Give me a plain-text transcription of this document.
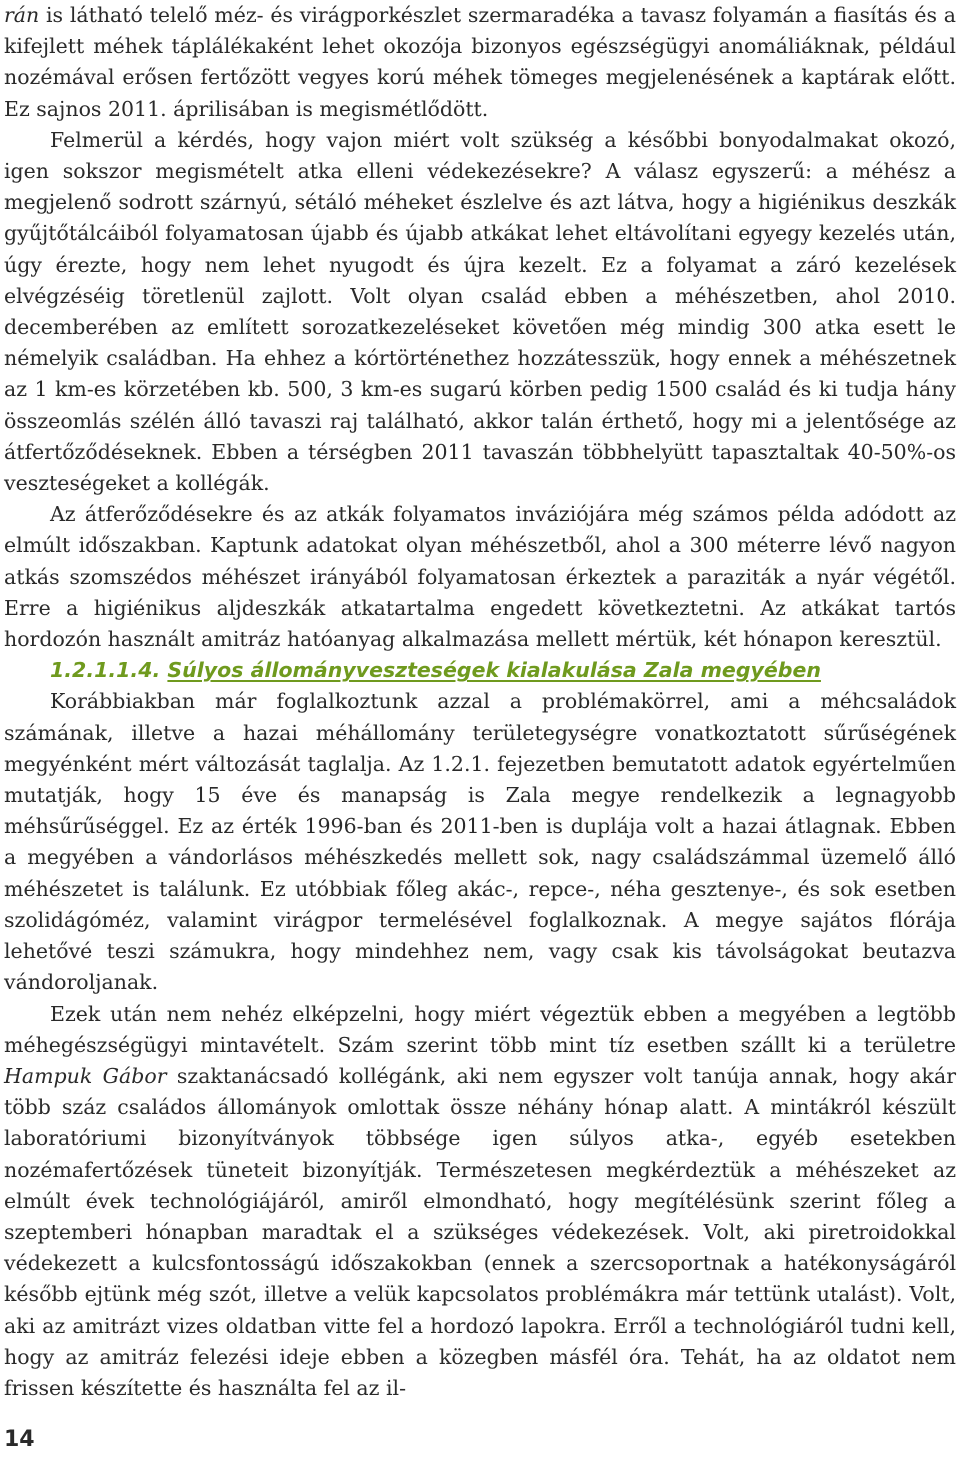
rán is látható telelő méz- és virágporkészlet szermaradéka a tavasz folyamán a fiasítás és a kifejlett méhek táplálékaként lehet okozója bizonyos egészségügyi anomáliáknak, például nozémával erősen fertőzött vegyes korú méhek tömeges megjelenésének a kaptárak előtt. Ez sajnos 2011. áprilisában is megismétlődött.

Felmerül a kérdés, hogy vajon miért volt szükség a későbbi bonyodalmakat okozó, igen sokszor megismételt atka elleni védekezésekre? A válasz egyszerű: a méhész a megjelenő sodrott szárnyú, sétáló méheket észlelve és azt látva, hogy a higiénikus deszkák gyűjtőtálcáiból folyamatosan újabb és újabb atkákat lehet eltávolítani egyegy kezelés után, úgy érezte, hogy nem lehet nyugodt és újra kezelt. Ez a folyamat a záró kezelések elvégzéséig töretlenül zajlott. Volt olyan család ebben a méhészetben, ahol 2010. decemberében az említett sorozatkezeléseket követően még mindig 300 atka esett le némelyik családban. Ha ehhez a kórtörténethez hozzátesszük, hogy ennek a méhészetnek az 1 km-es körzetében kb. 500, 3 km-es sugarú körben pedig 1500 család és ki tudja hány összeomlás szélén álló tavaszi raj található, akkor talán érthető, hogy mi a jelentősége az átfertőződéseknek. Ebben a térségben 2011 tavaszán többhelyütt tapasztaltak 40-50%-os veszteségeket a kollégák.

Az átferőződésekre és az atkák folyamatos inváziójára még számos példa adódott az elmúlt időszakban. Kaptunk adatokat olyan méhészetből, ahol a 300 méterre lévő nagyon atkás szomszédos méhészet irányából folyamatosan érkeztek a paraziták a nyár végétől. Erre a higiénikus aljdeszkák atkatartalma engedett következtetni. Az atkákat tartós hordozón használt amitráz hatóanyag alkalmazása mellett mértük, két hónapon keresztül.

1.2.1.1.4. Súlyos állományveszteségek kialakulása Zala megyében

Korábbiakban már foglalkoztunk azzal a problémakörrel, ami a méhcsaládok számának, illetve a hazai méhállomány területegységre vonatkoztatott sűrűségének megyénként mért változását taglalja. Az 1.2.1. fejezetben bemutatott adatok egyértelműen mutatják, hogy 15 éve és manapság is Zala megye rendelkezik a legnagyobb méhsűrűséggel. Ez az érték 1996-ban és 2011-ben is duplája volt a hazai átlagnak. Ebben a megyében a vándorlásos méhészkedés mellett sok, nagy családszámmal üzemelő álló méhészetet is találunk. Ez utóbbiak főleg akác-, repce-, néha gesztenye-, és sok esetben szolidágóméz, valamint virágpor termelésével foglalkoznak. A megye sajátos flórája lehetővé teszi számukra, hogy mindehhez nem, vagy csak kis távolságokat beutazva vándoroljanak.

Ezek után nem nehéz elképzelni, hogy miért végeztük ebben a megyében a legtöbb méhegészségügyi mintavételt. Szám szerint több mint tíz esetben szállt ki a területre Hampuk Gábor szaktanácsadó kollégánk, aki nem egyszer volt tanúja annak, hogy akár több száz családos állományok omlottak össze néhány hónap alatt. A mintákról készült laboratóriumi bizonyítványok többsége igen súlyos atka-, egyéb esetekben nozémafertőzések tüneteit bizonyítják. Természetesen megkérdeztük a méhészeket az elmúlt évek technológiájáról, amiről elmondható, hogy megítélésünk szerint főleg a szeptemberi hónapban maradtak el a szükséges védekezések. Volt, aki piretroidokkal védekezett a kulcsfontosságú időszakokban (ennek a szercsoportnak a hatékonyságáról később ejtünk még szót, illetve a velük kapcsolatos problémákra már tettünk utalást). Volt, aki az amitrázt vizes oldatban vitte fel a hordozó lapokra. Erről a technológiáról tudni kell, hogy az amitráz felezési ideje ebben a közegben másfél óra. Tehát, ha az oldatot nem frissen készítette és használta fel az il-

14
